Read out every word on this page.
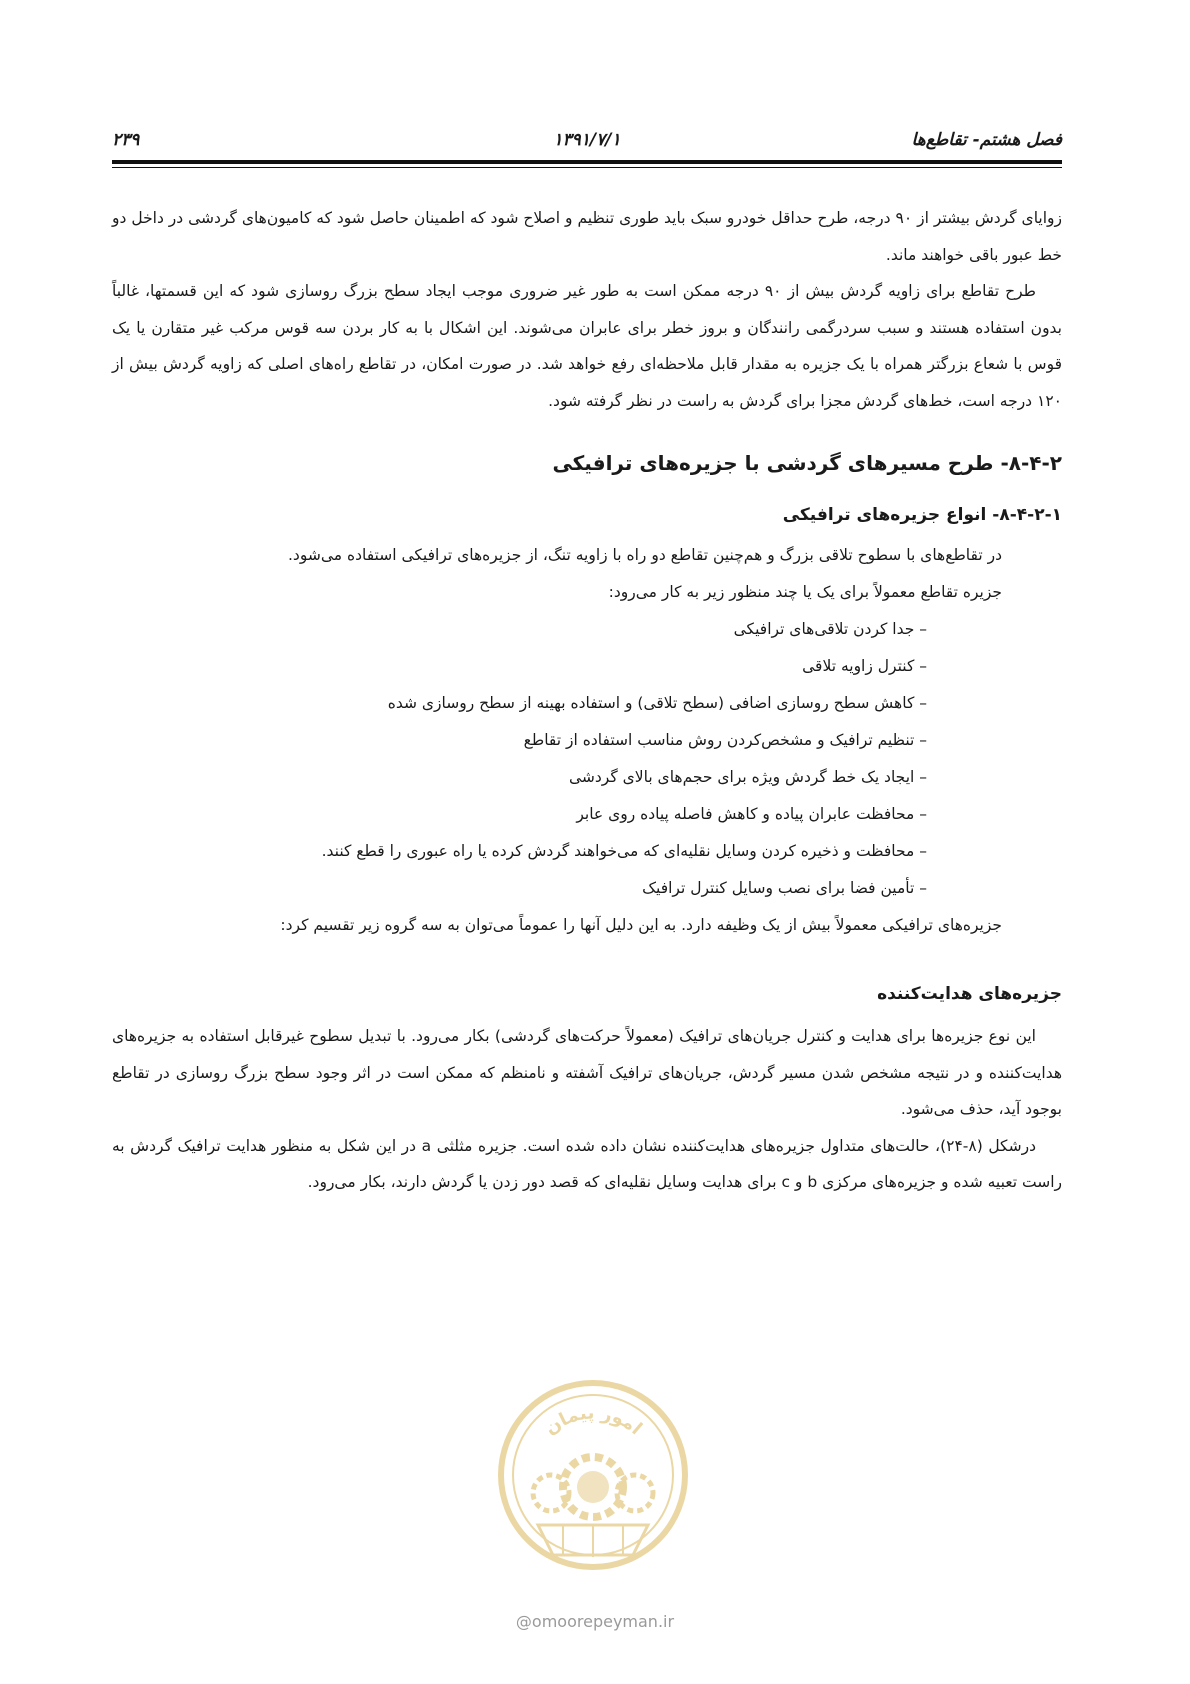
فصل هشتم- تقاطع‌ها
۱۳۹۱/۷/۱
۲۳۹

زوایای گردش بیشتر از ۹۰ درجه، طرح حداقل خودرو سبک باید طوری تنظیم و اصلاح شود که اطمینان حاصل شود که کامیون‌های گردشی در داخل دو خط عبور باقی خواهند ماند.

طرح تقاطع برای زاویه گردش بیش از ۹۰ درجه ممکن است به طور غیر ضروری موجب ایجاد سطح بزرگ روسازی شود که این قسمتها، غالباً بدون استفاده هستند و سبب سردرگمی رانندگان و بروز خطر برای عابران می‌شوند. این اشکال با به کار بردن سه قوس مرکب غیر متقارن یا یک قوس با شعاع بزرگتر همراه با یک جزیره به مقدار قابل ملاحظه‌ای رفع خواهد شد. در صورت امکان، در تقاطع راه‌های اصلی که زاویه گردش بیش از ۱۲۰ درجه است، خط‌های گردش مجزا برای گردش به راست در نظر گرفته شود.

۸-۴-۲- طرح مسیرهای گردشی با جزیره‌های ترافیکی
۸-۴-۲-۱- انواع جزیره‌های ترافیکی

در تقاطع‌های با سطوح تلاقی بزرگ و هم‌چنین تقاطع دو راه با زاویه تنگ، از جزیره‌های ترافیکی استفاده می‌شود.

جزیره تقاطع معمولاً برای یک یا چند منظور زیر به کار می‌رود:

– جدا کردن تلاقی‌های ترافیکی
– کنترل زاویه تلاقی
– کاهش سطح روسازی اضافی (سطح تلاقی) و استفاده بهینه از سطح روسازی شده
– تنظیم ترافیک و مشخص‌کردن روش مناسب استفاده از تقاطع
– ایجاد یک خط گردش ویژه برای حجم‌های بالای گردشی
– محافظت عابران پیاده و کاهش فاصله پیاده روی عابر
– محافظت و ذخیره کردن وسایل نقلیه‌ای که می‌خواهند گردش کرده یا راه عبوری را قطع کنند.
– تأمین فضا برای نصب وسایل کنترل ترافیک

جزیره‌های ترافیکی معمولاً بیش از یک وظیفه دارد. به این دلیل آنها را عموماً می‌توان به سه گروه زیر تقسیم کرد:

جزیره‌های هدایت‌کننده

این نوع جزیره‌ها برای هدایت و کنترل جریان‌های ترافیک (معمولاً حرکت‌های گردشی) بکار می‌رود. با تبدیل سطوح غیرقابل استفاده به جزیره‌های هدایت‌کننده و در نتیجه مشخص شدن مسیر گردش، جریان‌های ترافیک آشفته و نامنظم که ممکن است در اثر وجود سطح بزرگ روسازی در تقاطع بوجود آید، حذف می‌شود.

درشکل (۸-۲۴)، حالت‌های متداول جزیره‌های هدایت‌کننده نشان داده شده است. جزیره مثلثی a در این شکل به منظور هدایت ترافیک گردش به راست تعبیه شده و جزیره‌های مرکزی b و c برای هدایت وسایل نقلیه‌ای که قصد دور زدن یا گردش دارند، بکار می‌رود.

امور پیمان
@omoorepeyman.ir
